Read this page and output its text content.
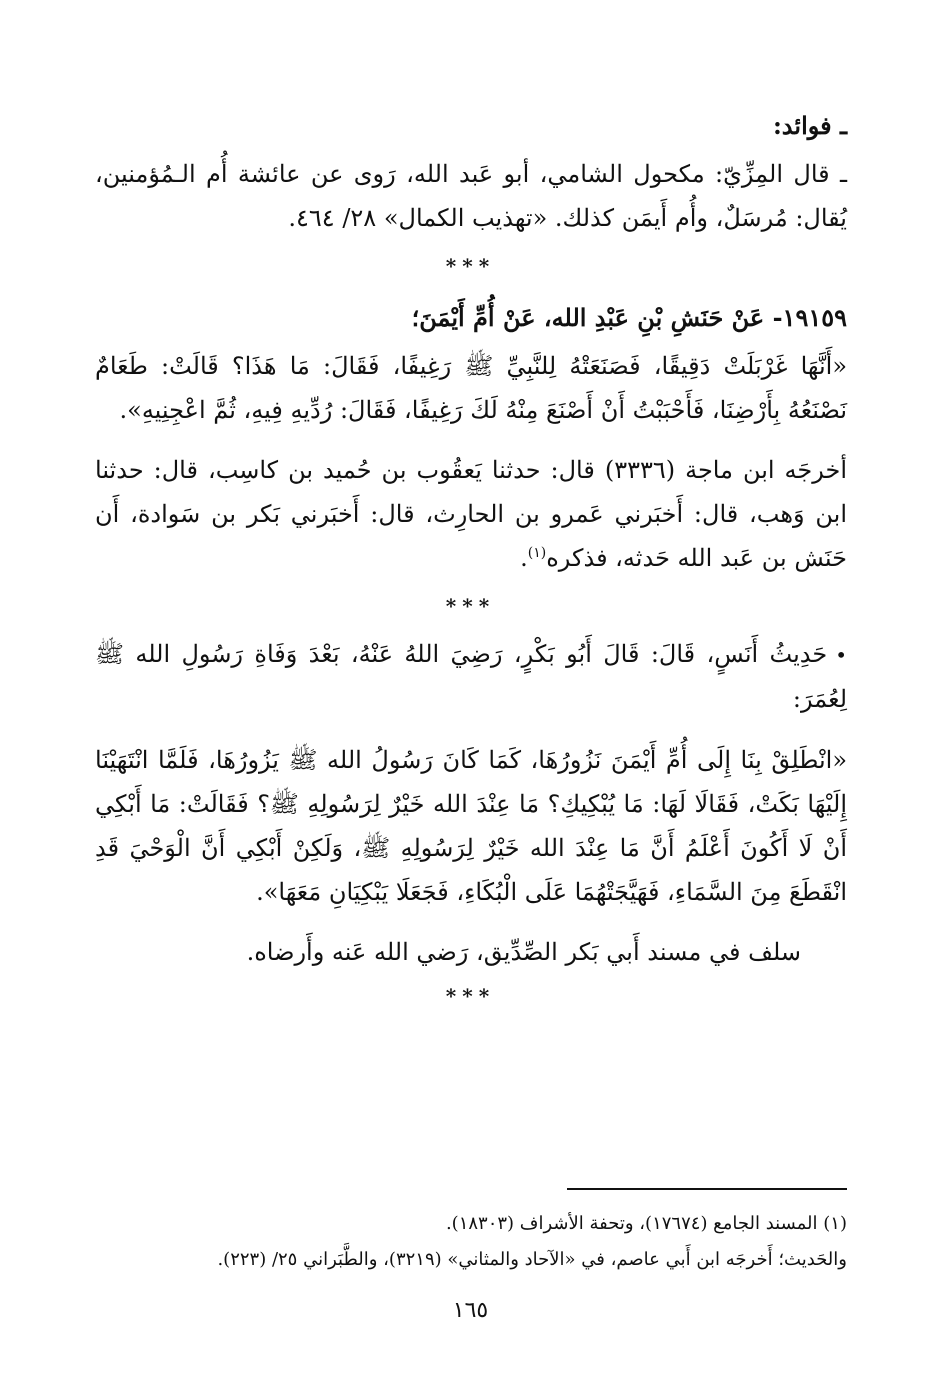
ـ فوائد:
ـ قال المِزِّيّ: مكحول الشامي، أبو عَبد الله، رَوى عن عائشة أُم الـمُؤمنين، يُقال: مُرسَلٌ، وأُم أَيمَن كذلك. «تهذيب الكمال» ٢٨/ ٤٦٤.
***
١٩١٥٩- عَنْ حَنَشِ بْنِ عَبْدِ الله، عَنْ أُمِّ أَيْمَنَ؛
«أَنَّهَا غَرْبَلَتْ دَقِيقًا، فَصَنَعَتْهُ لِلنَّبِيِّ ﷺ رَغِيفًا، فَقَالَ: مَا هَذَا؟ قَالَتْ: طَعَامٌ نَصْنَعُهُ بِأَرْضِنَا، فَأَحْبَبْتُ أَنْ أَصْنَعَ مِنْهُ لَكَ رَغِيفًا، فَقَالَ: رُدِّيهِ فِيهِ، ثُمَّ اعْجِنِيهِ».
أخرجَه ابن ماجة (٣٣٣٦) قال: حدثنا يَعقُوب بن حُميد بن كاسِب، قال: حدثنا ابن وَهب، قال: أَخبَرني عَمرو بن الحارِث، قال: أَخبَرني بَكر بن سَوادة، أَن حَنَش بن عَبد الله حَدثه، فذكره$^{(١)}$.
***
•حَدِيثُ أَنَسٍ، قَالَ: قَالَ أَبُو بَكْرٍ، رَضِيَ اللهُ عَنْهُ، بَعْدَ وَفَاةِ رَسُولِ الله ﷺ لِعُمَرَ:
«انْطَلِقْ بِنَا إِلَى أُمِّ أَيْمَنَ نَزُورُهَا، كَمَا كَانَ رَسُولُ الله ﷺ يَزُورُهَا، فَلَمَّا انْتَهَيْنَا إِلَيْهَا بَكَتْ، فَقَالَا لَهَا: مَا يُبْكِيكِ؟ مَا عِنْدَ الله خَيْرٌ لِرَسُولِهِ ﷺ؟ فَقَالَتْ: مَا أَبْكِي أَنْ لَا أَكُونَ أَعْلَمُ أَنَّ مَا عِنْدَ الله خَيْرٌ لِرَسُولِهِ ﷺ، وَلَكِنْ أَبْكِي أَنَّ الْوَحْيَ قَدِ انْقَطَعَ مِنَ السَّمَاءِ، فَهَيَّجَتْهُمَا عَلَى الْبُكَاءِ، فَجَعَلَا يَبْكِيَانِ مَعَهَا».
سلف في مسند أَبي بَكر الصِّدِّيق، رَضي الله عَنه وأَرضاه.
***
(١) المسند الجامع (١٧٦٧٤)، وتحفة الأشراف (١٨٣٠٣).
والحَديث؛ أَخرجَه ابن أَبي عاصم، في «الآحاد والمثاني» (٣٢١٩)، والطَّبَراني ٢٥/ (٢٢٣).
١٦٥
